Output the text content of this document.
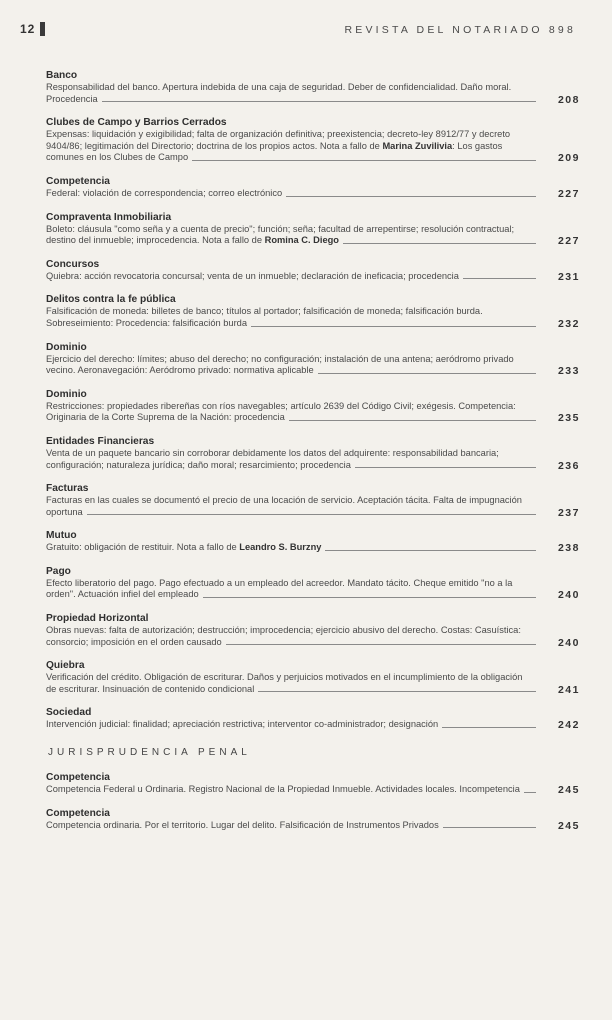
12	REVISTA DEL NOTARIADO 898
Banco
Responsabilidad del banco. Apertura indebida de una caja de seguridad. Deber de confidencialidad. Daño moral. Procedencia	208
Clubes de Campo y Barrios Cerrados
Expensas: liquidación y exigibilidad; falta de organización definitiva; preexistencia; decreto-ley 8912/77 y decreto 9404/86; legitimación del Directorio; doctrina de los propios actos. Nota a fallo de Marina Zuvilivia: Los gastos comunes en los Clubes de Campo	209
Competencia
Federal: violación de correspondencia; correo electrónico	227
Compraventa Inmobiliaria
Boleto: cláusula "como seña y a cuenta de precio"; función; seña; facultad de arrepentirse; resolución contractual; destino del inmueble; improcedencia. Nota a fallo de Romina C. Diego	227
Concursos
Quiebra: acción revocatoria concursal; venta de un inmueble; declaración de ineficacia; procedencia	231
Delitos contra la fe pública
Falsificación de moneda: billetes de banco; títulos al portador; falsificación de moneda; falsificación burda. Sobreseimiento: Procedencia: falsificación burda	232
Dominio
Ejercicio del derecho: límites; abuso del derecho; no configuración; instalación de una antena; aeródromo privado vecino. Aeronavegación: Aeródromo privado: normativa aplicable	233
Dominio
Restricciones: propiedades ribereñas con ríos navegables; artículo 2639 del Código Civil; exégesis. Competencia: Originaria de la Corte Suprema de la Nación: procedencia	235
Entidades Financieras
Venta de un paquete bancario sin corroborar debidamente los datos del adquirente: responsabilidad bancaria; configuración; naturaleza jurídica; daño moral; resarcimiento; procedencia	236
Facturas
Facturas en las cuales se documentó el precio de una locación de servicio. Aceptación tácita. Falta de impugnación oportuna	237
Mutuo
Gratuito: obligación de restituir. Nota a fallo de Leandro S. Burzny	238
Pago
Efecto liberatorio del pago. Pago efectuado a un empleado del acreedor. Mandato tácito. Cheque emitido "no a la orden". Actuación infiel del empleado	240
Propiedad Horizontal
Obras nuevas: falta de autorización; destrucción; improcedencia; ejercicio abusivo del derecho. Costas: Casuística: consorcio; imposición en el orden causado	240
Quiebra
Verificación del crédito. Obligación de escriturar. Daños y perjuicios motivados en el incumplimiento de la obligación de escriturar. Insinuación de contenido condicional	241
Sociedad
Intervención judicial: finalidad; apreciación restrictiva; interventor co-administrador; designación	242
JURISPRUDENCIA PENAL
Competencia
Competencia Federal u Ordinaria. Registro Nacional de la Propiedad Inmueble. Actividades locales. Incompetencia	245
Competencia
Competencia ordinaria. Por el territorio. Lugar del delito. Falsificación de Instrumentos Privados	245
